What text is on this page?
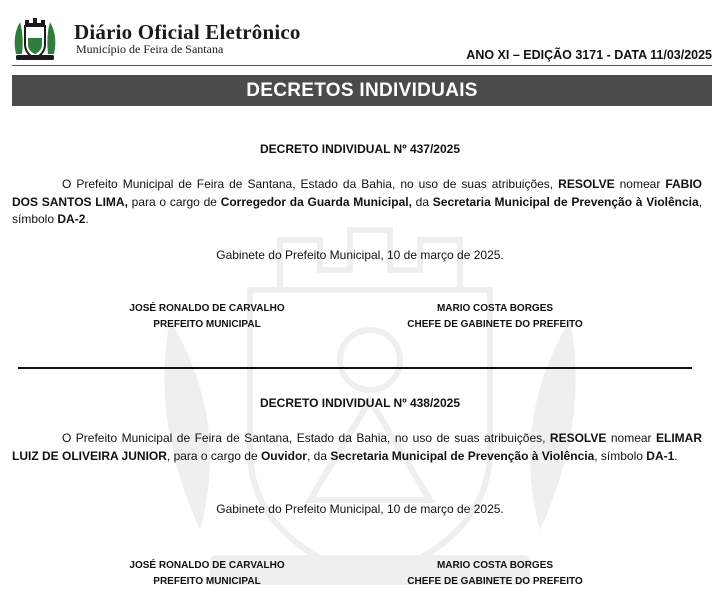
Diário Oficial Eletrônico
Município de Feira de Santana	ANO XI – EDIÇÃO 3171 - DATA 11/03/2025
DECRETOS INDIVIDUAIS
DECRETO INDIVIDUAL Nº 437/2025

O Prefeito Municipal de Feira de Santana, Estado da Bahia, no uso de suas atribuições, RESOLVE nomear FABIO DOS SANTOS LIMA, para o cargo de Corregedor da Guarda Municipal, da Secretaria Municipal de Prevenção à Violência, símbolo DA-2.

Gabinete do Prefeito Municipal, 10 de março de 2025.
JOSÉ RONALDO DE CARVALHO
PREFEITO MUNICIPAL
MARIO COSTA BORGES
CHEFE DE GABINETE DO PREFEITO
DECRETO INDIVIDUAL Nº 438/2025

O Prefeito Municipal de Feira de Santana, Estado da Bahia, no uso de suas atribuições, RESOLVE nomear ELIMAR LUIZ DE OLIVEIRA JUNIOR, para o cargo de Ouvidor, da Secretaria Municipal de Prevenção à Violência, símbolo DA-1.

Gabinete do Prefeito Municipal, 10 de março de 2025.
JOSÉ RONALDO DE CARVALHO
PREFEITO MUNICIPAL
MARIO COSTA BORGES
CHEFE DE GABINETE DO PREFEITO
